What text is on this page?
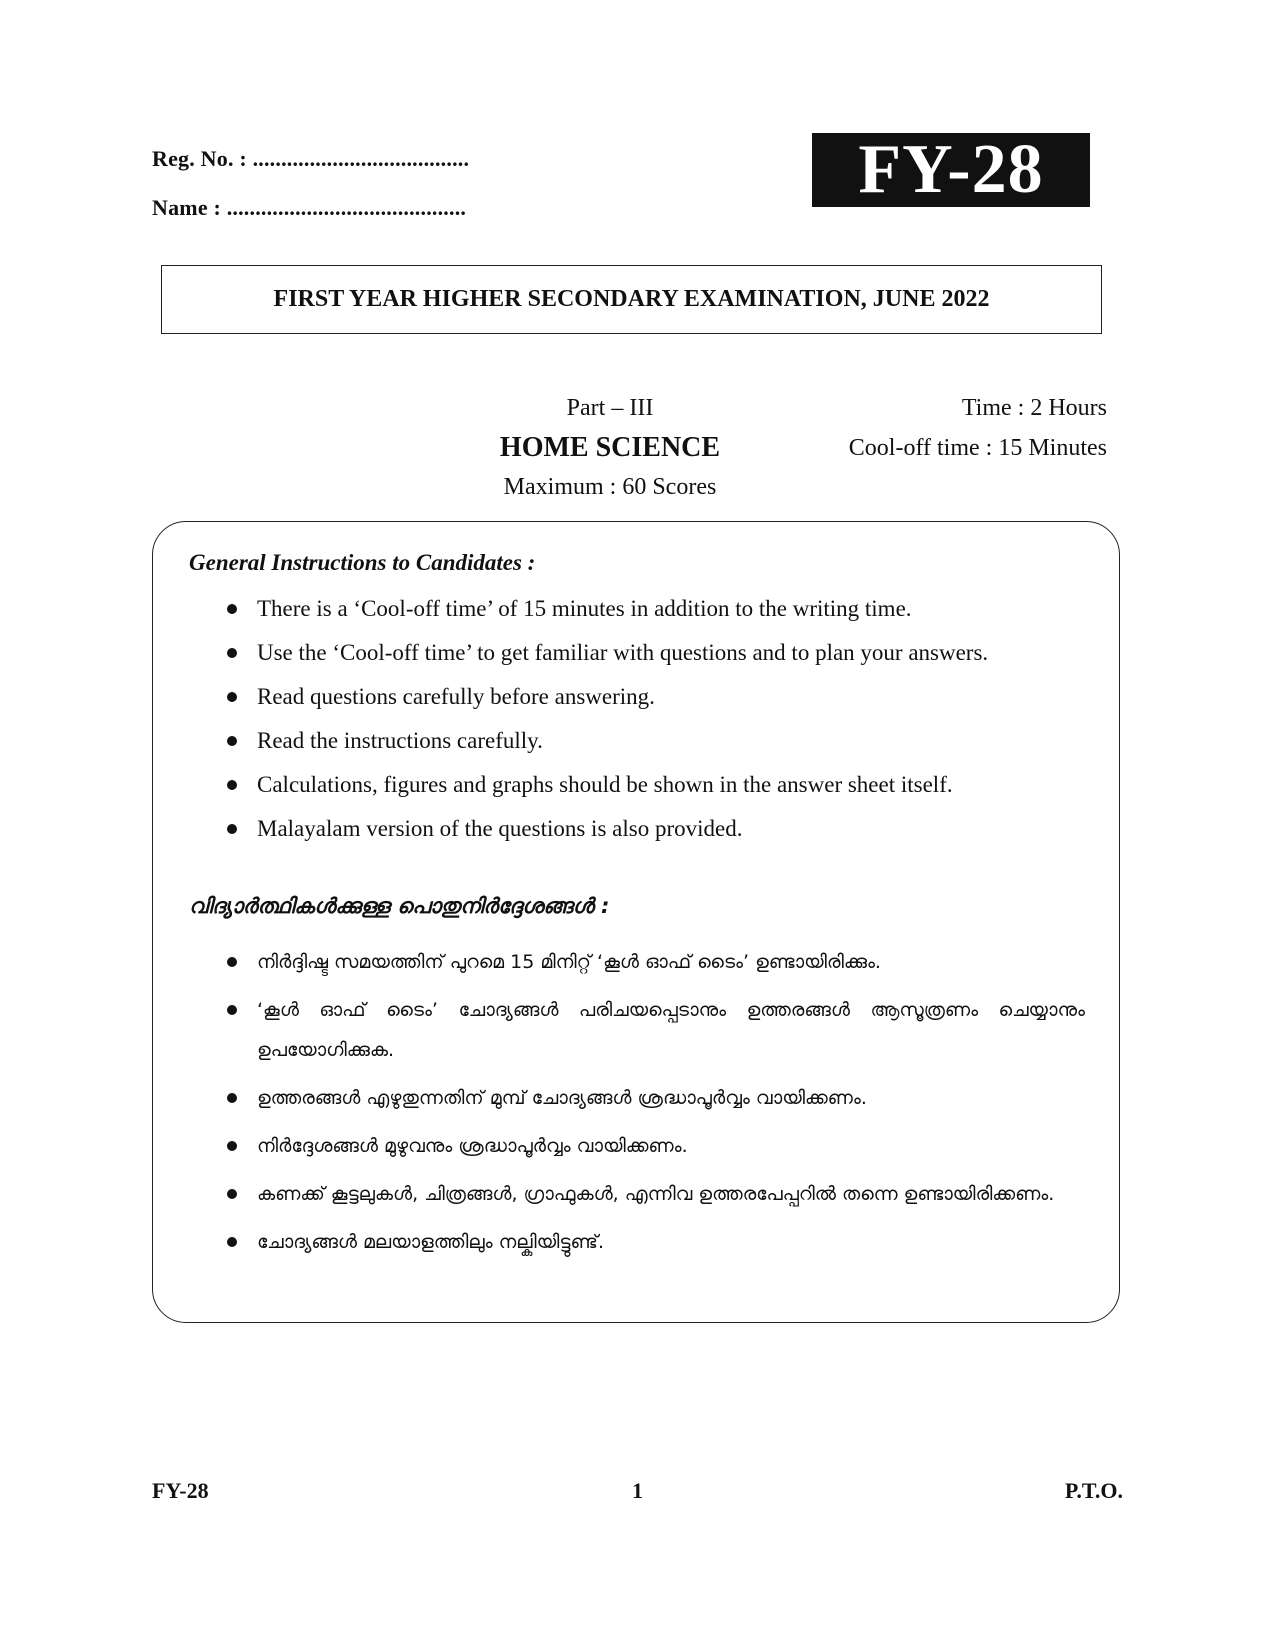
Reg. No. : ......................................
Name : ..........................................	FY-28
FIRST YEAR HIGHER SECONDARY EXAMINATION, JUNE 2022
Part – III
HOME SCIENCE
Maximum : 60 Scores
Time : 2 Hours
Cool-off time : 15 Minutes
General Instructions to Candidates :
There is a ‘Cool-off time’ of 15 minutes in addition to the writing time.
Use the ‘Cool-off time’ to get familiar with questions and to plan your answers.
Read questions carefully before answering.
Read the instructions carefully.
Calculations, figures and graphs should be shown in the answer sheet itself.
Malayalam version of the questions is also provided.
വിദ്യാർത്ഥികൾക്കുള്ള പൊതുനിർദ്ദേശങ്ങൾ :
നിർദ്ദിഷ്ട സമയത്തിന് പുറമെ 15 മിനിറ്റ് ‘കൂൾ ഓഫ് ടൈം’ ഉണ്ടായിരിക്കും.
‘കൂൾ ഓഫ് ടൈം’ ചോദ്യങ്ങൾ പരിചയപ്പെടാനും ഉത്തരങ്ങൾ ആസൂത്രണം ചെയ്യാനും ഉപയോഗിക്കുക.
ഉത്തരങ്ങൾ എഴുതുന്നതിന് മുമ്പ് ചോദ്യങ്ങൾ ശ്രദ്ധാപൂർവ്വം വായിക്കണം.
നിർദ്ദേശങ്ങൾ മുഴുവനും ശ്രദ്ധാപൂർവ്വം വായിക്കണം.
കണക്ക് കൂട്ടലുകൾ, ചിത്രങ്ങൾ, ഗ്രാഫുകൾ, എന്നിവ ഉത്തരപേപ്പറിൽ തന്നെ ഉണ്ടായിരിക്കണം.
ചോദ്യങ്ങൾ മലയാളത്തിലും നല്കിയിട്ടുണ്ട്.
FY-28	1	P.T.O.
